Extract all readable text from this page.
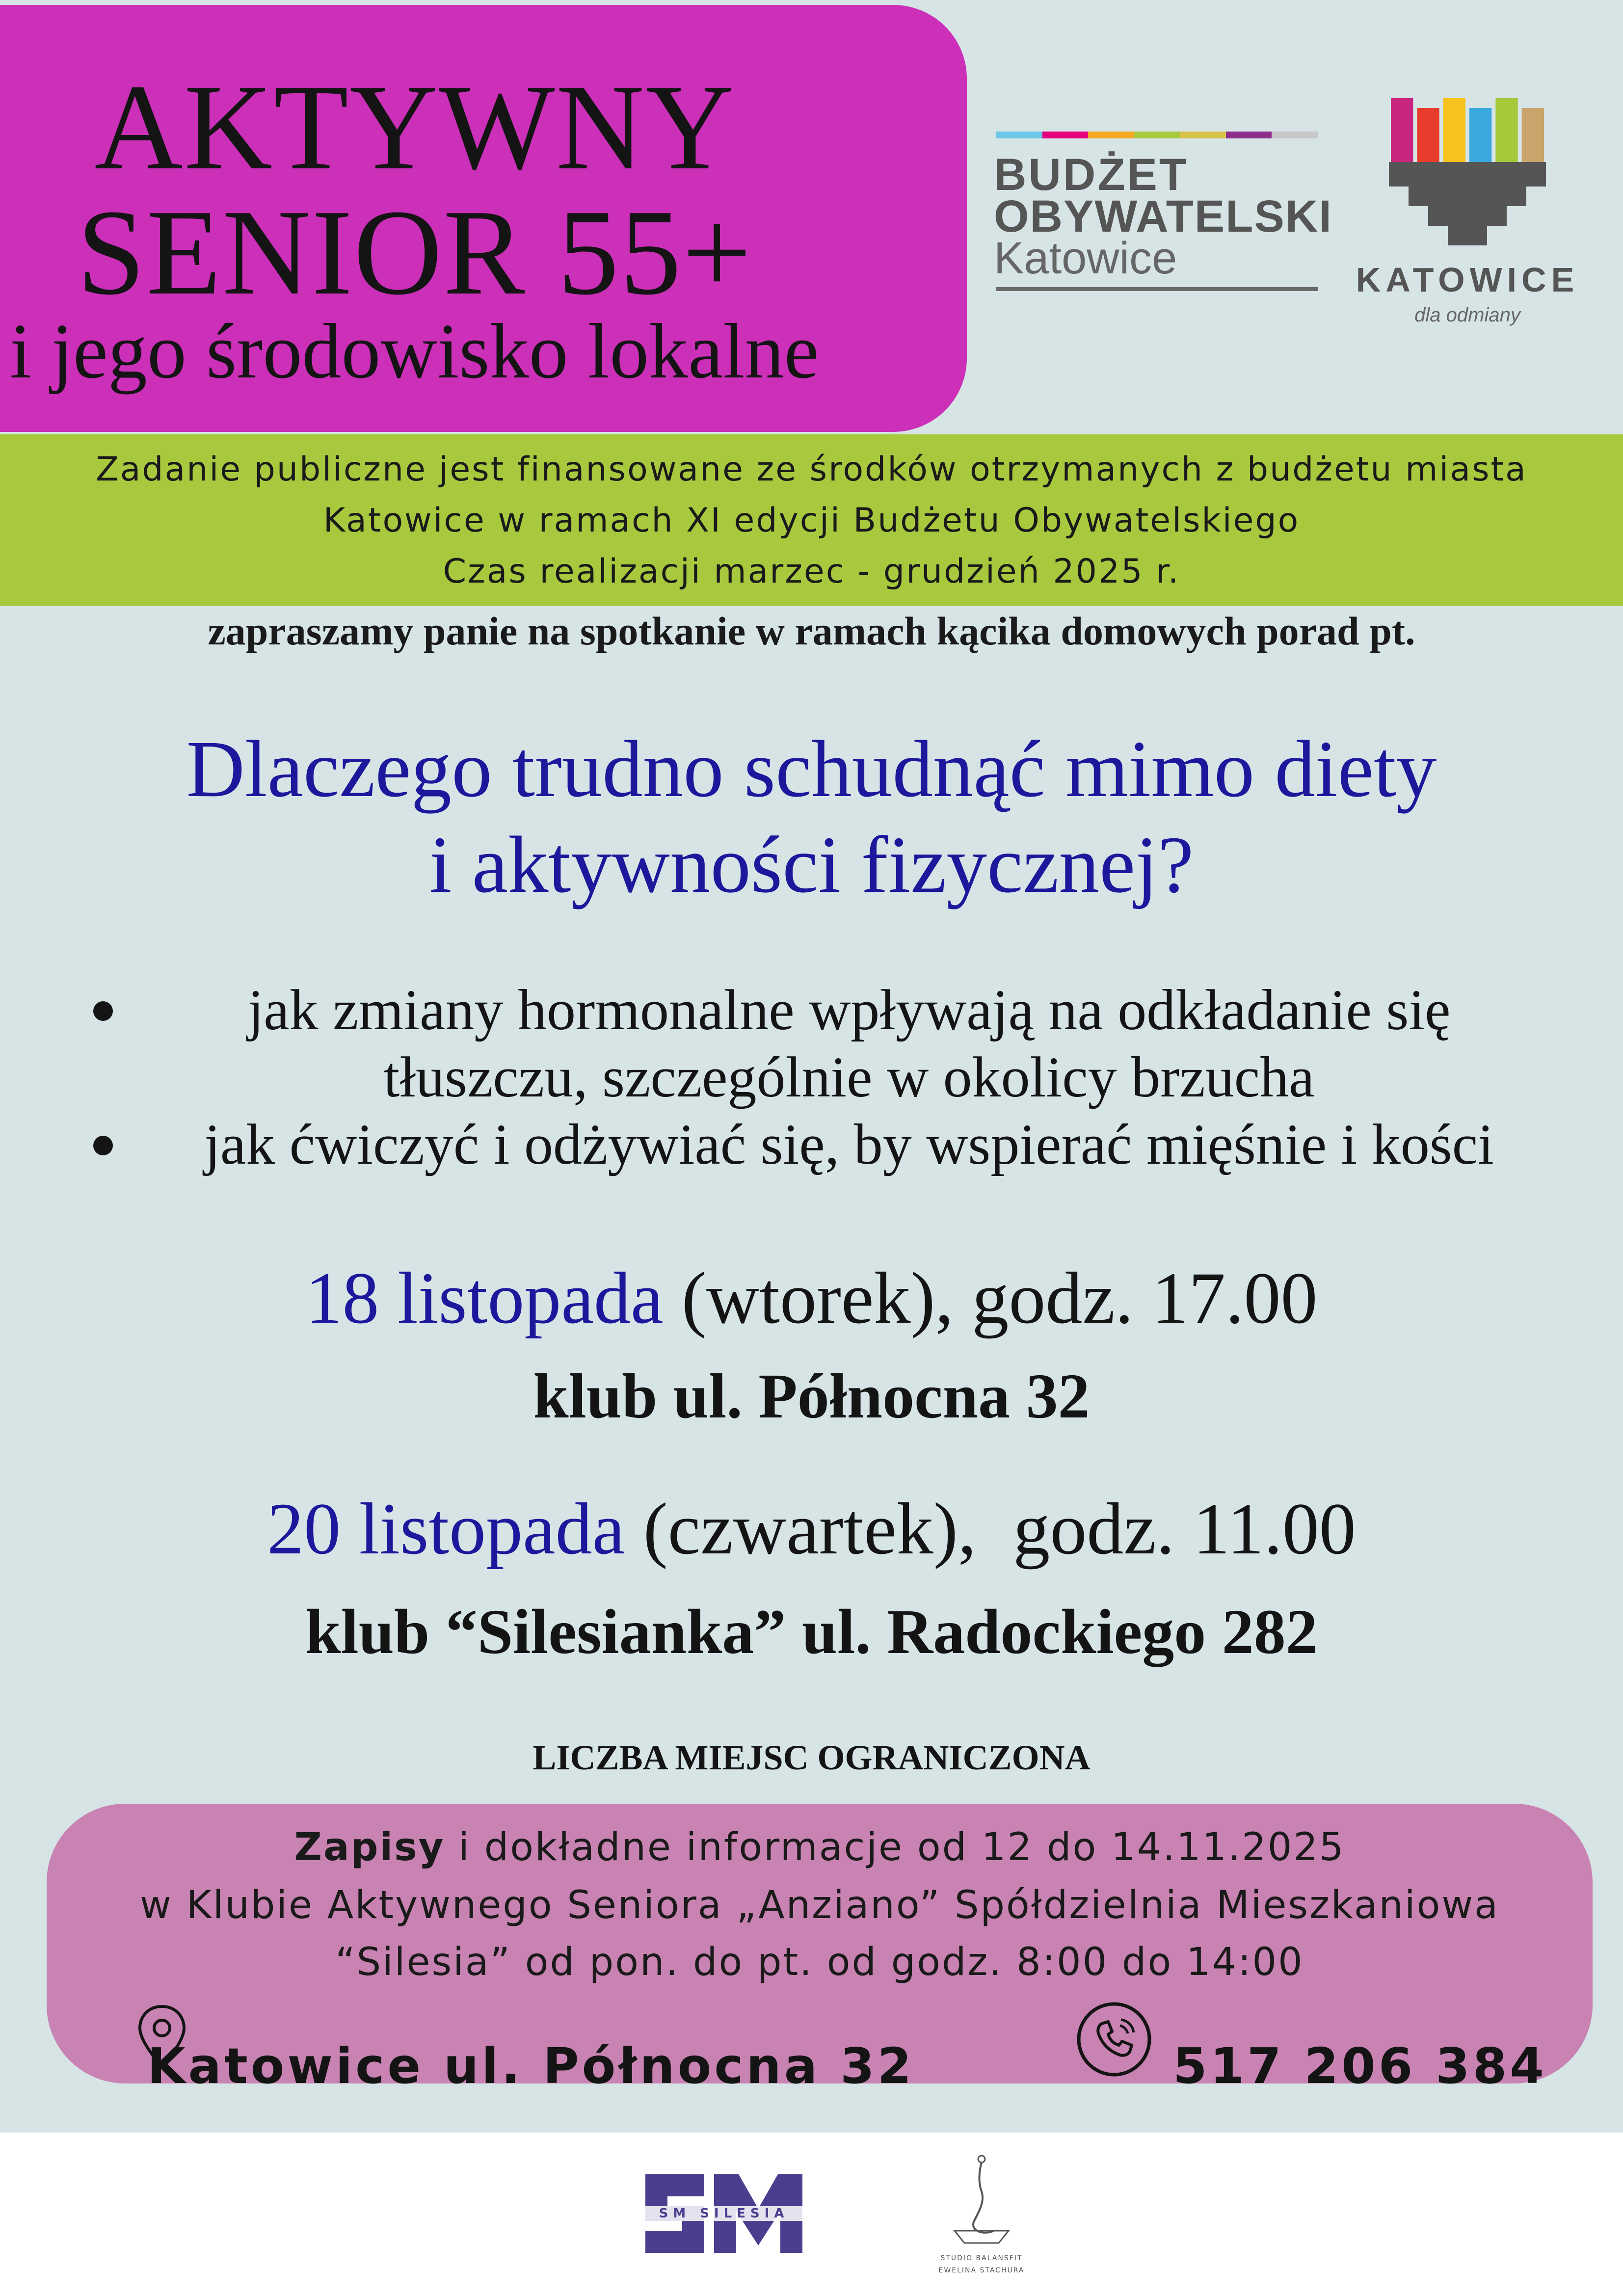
AKTYWNY
SENIOR 55+
i jego środowisko lokalne
BUDŻET
OBYWATELSKI
Katowice	KATOWICE
dla odmiany
Zadanie publiczne jest finansowane ze środków otrzymanych z budżetu miasta
Katowice w ramach XI edycji Budżetu Obywatelskiego
Czas realizacji marzec - grudzień 2025 r.
zapraszamy panie na spotkanie w ramach kącika domowych porad pt.
Dlaczego trudno schudnąć mimo diety
i aktywności fizycznej?
jak zmiany hormonalne wpływają na odkładanie się
tłuszczu, szczególnie w okolicy brzucha
jak ćwiczyć i odżywiać się, by wspierać mięśnie i kości
18 listopada (wtorek), godz. 17.00
klub ul. Północna 32
20 listopada (czwartek),  godz. 11.00
klub “Silesianka” ul. Radockiego 282
LICZBA MIEJSC OGRANICZONA
Zapisy i dokładne informacje od 12 do 14.11.2025
w Klubie Aktywnego Seniora „Anziano” Spółdzielnia Mieszkaniowa
“Silesia” od pon. do pt. od godz. 8:00 do 14:00
Katowice ul. Północna 32	517 206 384
SM SILESIA
STUDIO BALANSFIT
EWELINA STACHURA
